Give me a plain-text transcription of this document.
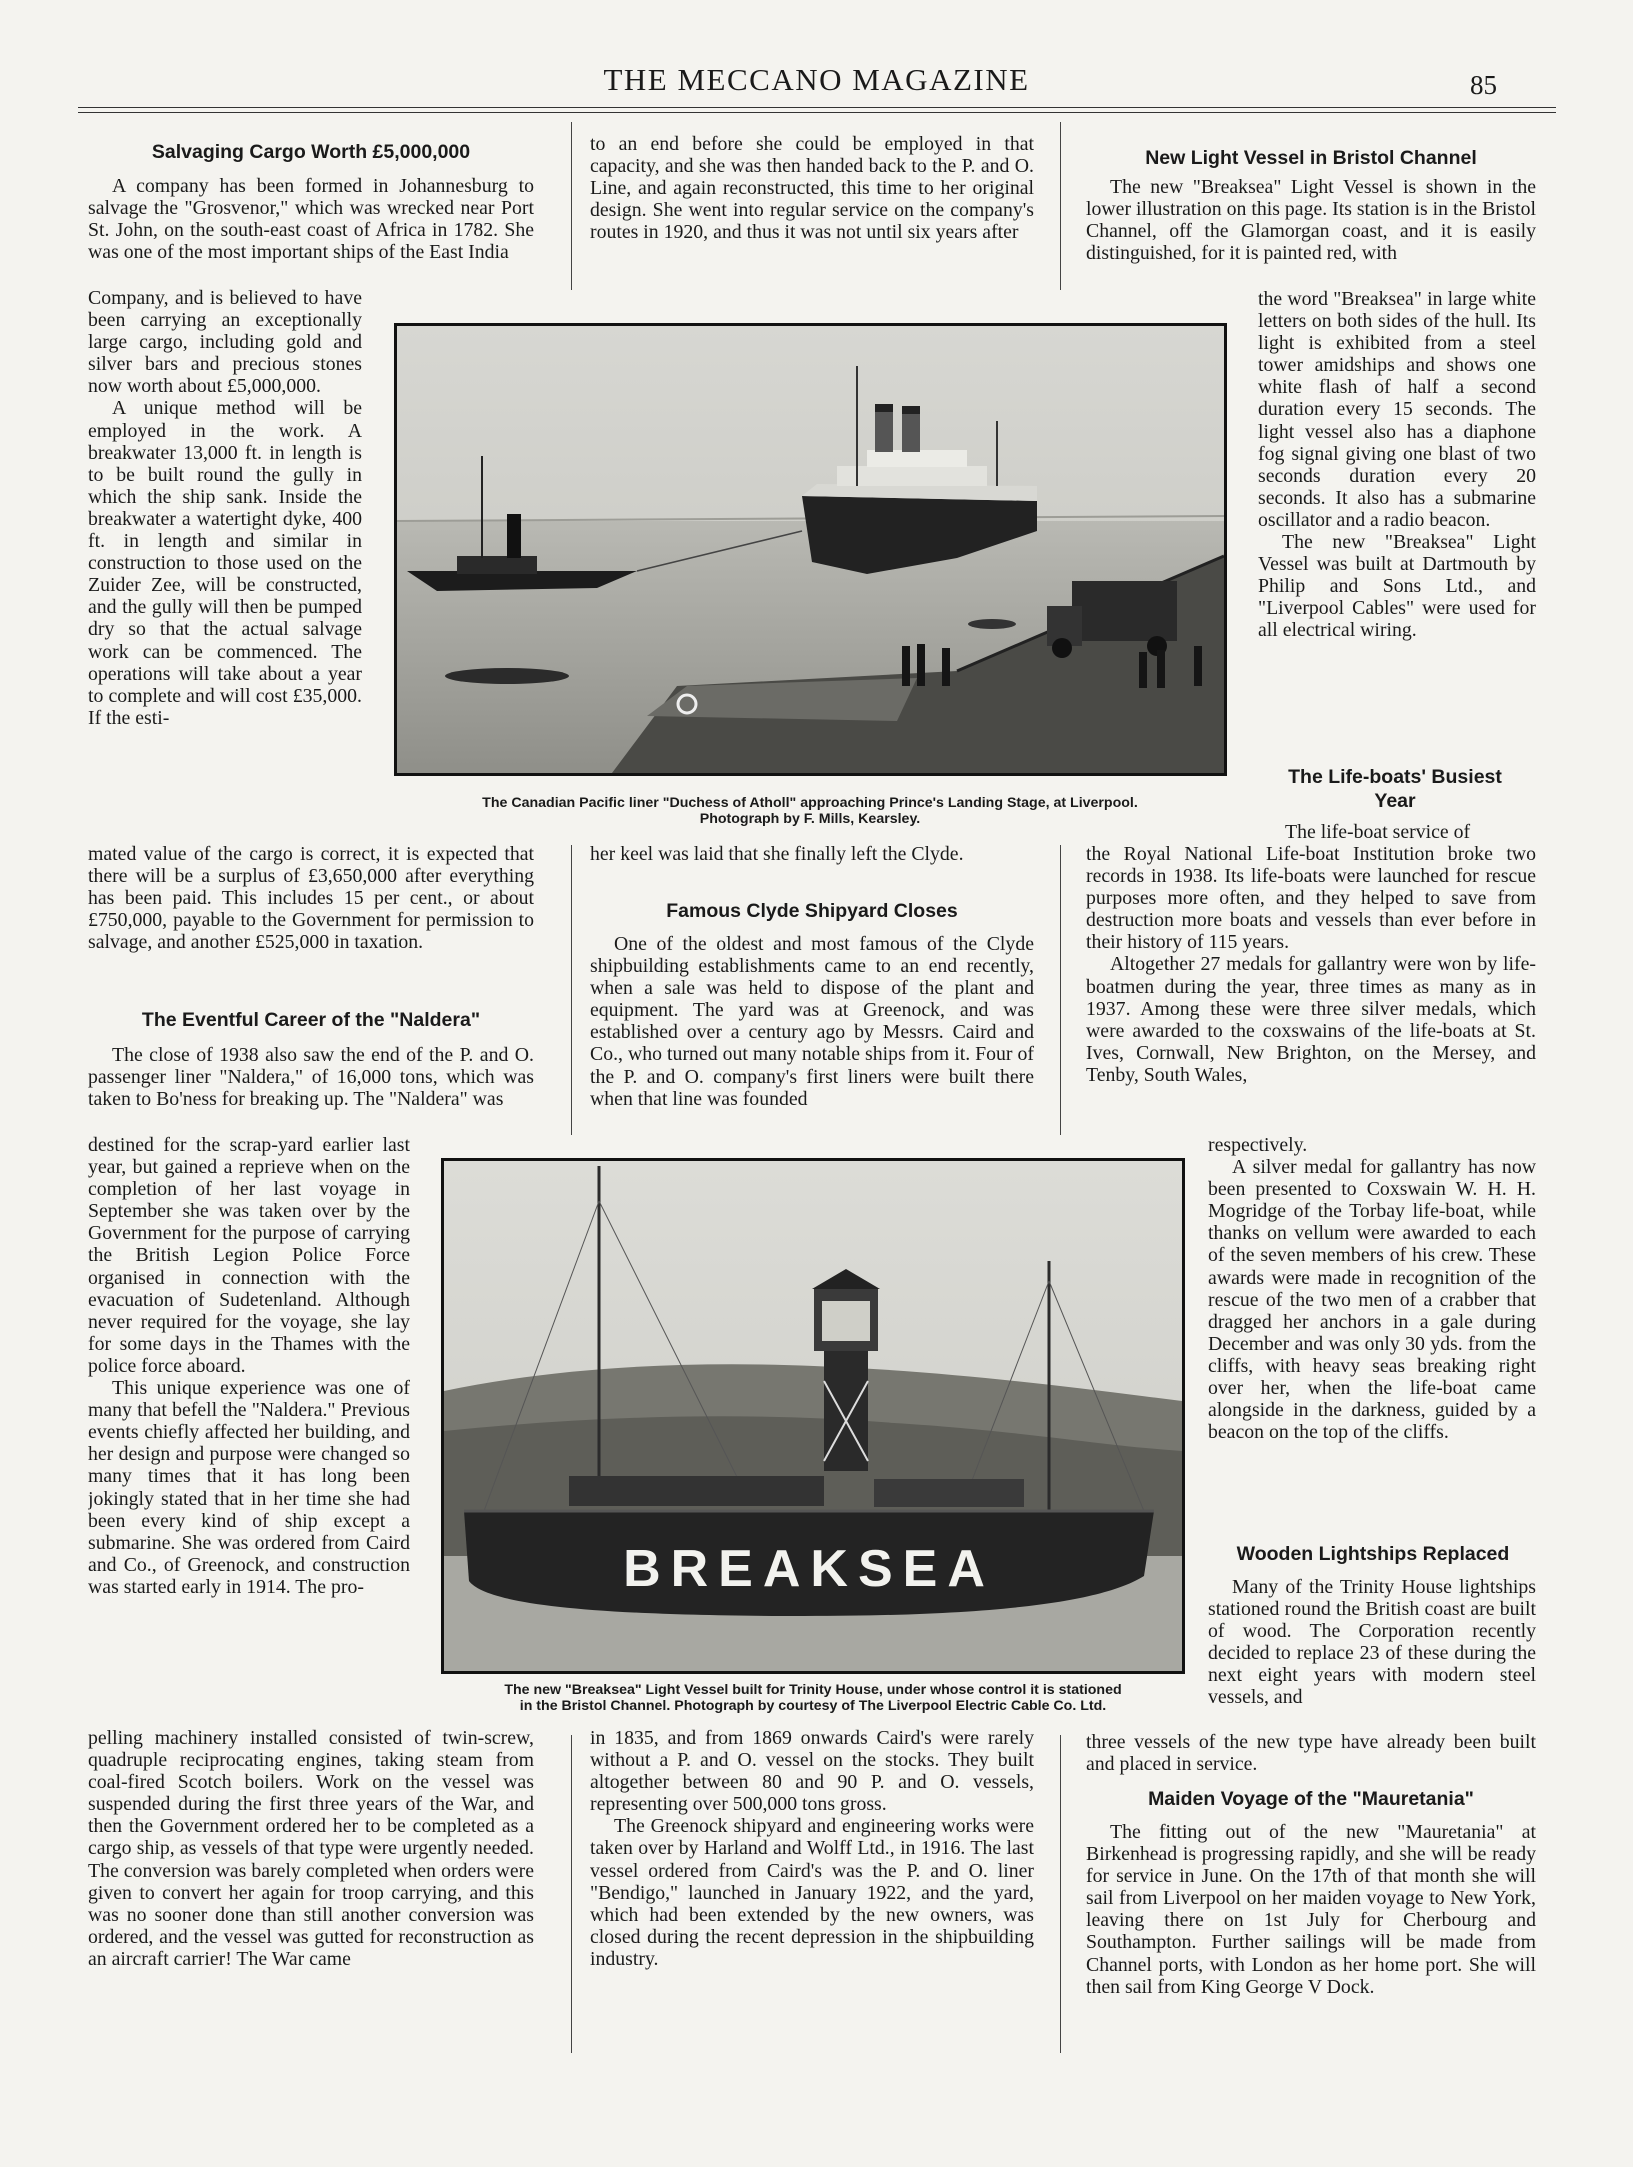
THE MECCANO MAGAZINE	85
Salvaging Cargo Worth £5,000,000

A company has been formed in Johannesburg to salvage the "Grosvenor," which was wrecked near Port St. John, on the south-east coast of Africa in 1782. She was one of the most important ships of the East India

Company, and is believed to have been carrying an exceptionally large cargo, including gold and silver bars and precious stones now worth about £5,000,000.

A unique method will be employed in the work. A breakwater 13,000 ft. in length is to be built round the gully in which the ship sank. Inside the breakwater a watertight dyke, 400 ft. in length and similar in construction to those used on the Zuider Zee, will be constructed, and the gully will then be pumped dry so that the actual salvage work can be commenced. The operations will take about a year to complete and will cost £35,000. If the esti-

mated value of the cargo is correct, it is expected that there will be a surplus of £3,650,000 after everything has been paid. This includes 15 per cent., or about £750,000, payable to the Government for permission to salvage, and another £525,000 in taxation.

The Eventful Career of the "Naldera"

The close of 1938 also saw the end of the P. and O. passenger liner "Naldera," of 16,000 tons, which was taken to Bo'ness for breaking up. The "Naldera" was

destined for the scrap-yard earlier last year, but gained a reprieve when on the completion of her last voyage in September she was taken over by the Government for the purpose of carrying the British Legion Police Force organised in connection with the evacuation of Sudetenland. Although never required for the voyage, she lay for some days in the Thames with the police force aboard.

This unique experience was one of many that befell the "Naldera." Previous events chiefly affected her building, and her design and purpose were changed so many times that it has long been jokingly stated that in her time she had been every kind of ship except a submarine. She was ordered from Caird and Co., of Greenock, and construction was started early in 1914. The pro-

pelling machinery installed consisted of twin-screw, quadruple reciprocating engines, taking steam from coal-fired Scotch boilers. Work on the vessel was suspended during the first three years of the War, and then the Government ordered her to be completed as a cargo ship, as vessels of that type were urgently needed. The conversion was barely completed when orders were given to convert her again for troop carrying, and this was no sooner done than still another conversion was ordered, and the vessel was gutted for reconstruction as an aircraft carrier! The War came

to an end before she could be employed in that capacity, and she was then handed back to the P. and O. Line, and again reconstructed, this time to her original design. She went into regular service on the company's routes in 1920, and thus it was not until six years after

her keel was laid that she finally left the Clyde.

Famous Clyde Shipyard Closes

One of the oldest and most famous of the Clyde shipbuilding establishments came to an end recently, when a sale was held to dispose of the plant and equipment. The yard was at Greenock, and was established over a century ago by Messrs. Caird and Co., who turned out many notable ships from it. Four of the P. and O. company's first liners were built there when that line was founded

in 1835, and from 1869 onwards Caird's were rarely without a P. and O. vessel on the stocks. They built altogether between 80 and 90 P. and O. vessels, representing over 500,000 tons gross.

The Greenock shipyard and engineering works were taken over by Harland and Wolff Ltd., in 1916. The last vessel ordered from Caird's was the P. and O. liner "Bendigo," launched in January 1922, and the yard, which had been extended by the new owners, was closed during the recent depression in the shipbuilding industry.

New Light Vessel in Bristol Channel

The new "Breaksea" Light Vessel is shown in the lower illustration on this page. Its station is in the Bristol Channel, off the Glamorgan coast, and it is easily distinguished, for it is painted red, with

the word "Breaksea" in large white letters on both sides of the hull. Its light is exhibited from a steel tower amidships and shows one white flash of half a second duration every 15 seconds. The light vessel also has a diaphone fog signal giving one blast of two seconds duration every 20 seconds. It also has a submarine oscillator and a radio beacon.

The new "Breaksea" Light Vessel was built at Dartmouth by Philip and Sons Ltd., and "Liverpool Cables" were used for all electrical wiring.

The Life-boats' Busiest
Year

The life-boat service of

the Royal National Life-boat Institution broke two records in 1938. Its life-boats were launched for rescue purposes more often, and they helped to save from destruction more boats and vessels than ever before in their history of 115 years.

Altogether 27 medals for gallantry were won by life-boatmen during the year, three times as many as in 1937. Among these were three silver medals, which were awarded to the coxswains of the life-boats at St. Ives, Cornwall, New Brighton, on the Mersey, and Tenby, South Wales,

respectively.

A silver medal for gallantry has now been presented to Coxswain W. H. H. Mogridge of the Torbay life-boat, while thanks on vellum were awarded to each of the seven members of his crew. These awards were made in recognition of the rescue of the two men of a crabber that dragged her anchors in a gale during December and was only 30 yds. from the cliffs, with heavy seas breaking right over her, when the life-boat came alongside in the darkness, guided by a beacon on the top of the cliffs.

Wooden Lightships Replaced

Many of the Trinity House lightships stationed round the British coast are built of wood. The Corporation recently decided to replace 23 of these during the next eight years with modern steel vessels, and

three vessels of the new type have already been built and placed in service.

Maiden Voyage of the "Mauretania"

The fitting out of the new "Mauretania" at Birkenhead is progressing rapidly, and she will be ready for service in June. On the 17th of that month she will sail from Liverpool on her maiden voyage to New York, leaving there on 1st July for Cherbourg and Southampton. Further sailings will be made from Channel ports, with London as her home port. She will then sail from King George V Dock.

The Canadian Pacific liner "Duchess of Atholl" approaching Prince's Landing Stage, at Liverpool.
Photograph by F. Mills, Kearsley.
BREAKSEA
The new "Breaksea" Light Vessel built for Trinity House, under whose control it is stationed
in the Bristol Channel. Photograph by courtesy of The Liverpool Electric Cable Co. Ltd.
